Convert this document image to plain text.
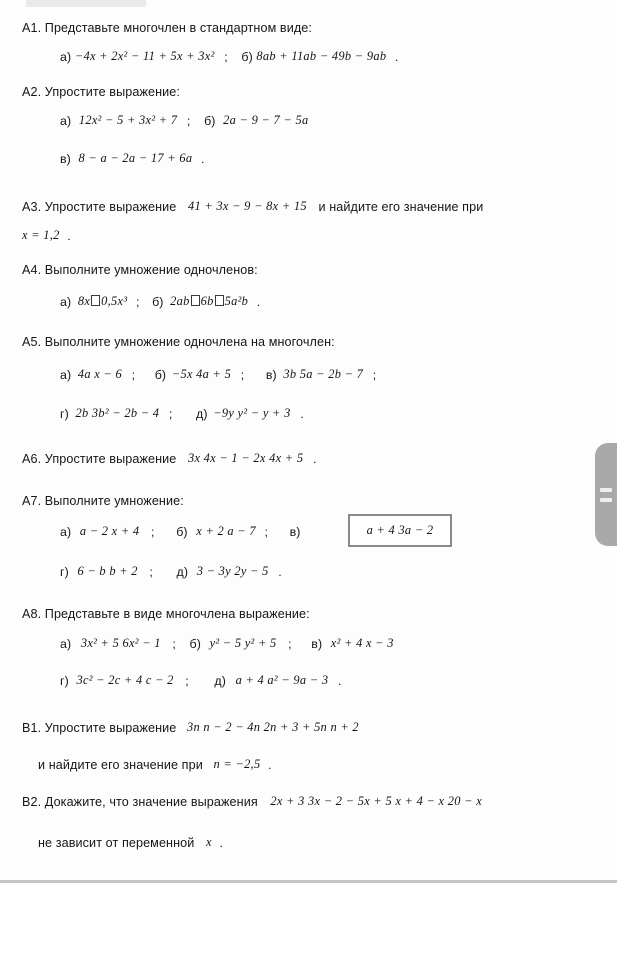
A1. Представьте многочлен в стандартном виде:
а) −4x + 2x² − 11 + 5x + 3x² ; б) 8ab + 11ab − 49b − 9ab .
A2. Упростите выражение:
а) 12x² − 5 + 3x² + 7 ; б) 2a − 9 − 7 − 5a
в) 8 − a − 2a − 17 + 6a .
A3. Упростите выражение 41 + 3x − 9 − 8x + 15 и найдите его значение при
x = 1,2 .
A4. Выполните умножение одночленов:
а) 8x 0,5x³ ; б) 2ab 6b 5a²b .
A5. Выполните умножение одночлена на многочлен:
а) 4a x − 6 ; б) −5x 4a + 5 ; в) 3b 5a − 2b − 7 ;
г) 2b 3b² − 2b − 4 ; д) −9y y² − y + 3 .
A6. Упростите выражение 3x 4x − 1 − 2x 4x + 5 .
A7. Выполните умножение:
а) a − 2 x + 4 ; б) x + 2 a − 7 ; в)	a + 4 3a − 2
г) 6 − b b + 2 ; д) 3 − 3y 2y − 5 .
A8. Представьте в виде многочлена выражение:
а) 3x² + 5 6x² − 1 ; б) y² − 5 y² + 5 ; в) x² + 4 x − 3
г) 3c² − 2c + 4 c − 2 ; д) a + 4 a² − 9a − 3 .
B1. Упростите выражение 3n n − 2 − 4n 2n + 3 + 5n n + 2
и найдите его значение при n = −2,5 .
B2. Докажите, что значение выражения 2x + 3 3x − 2 − 5x + 5 x + 4 − x 20 − x
не зависит от переменной x .
